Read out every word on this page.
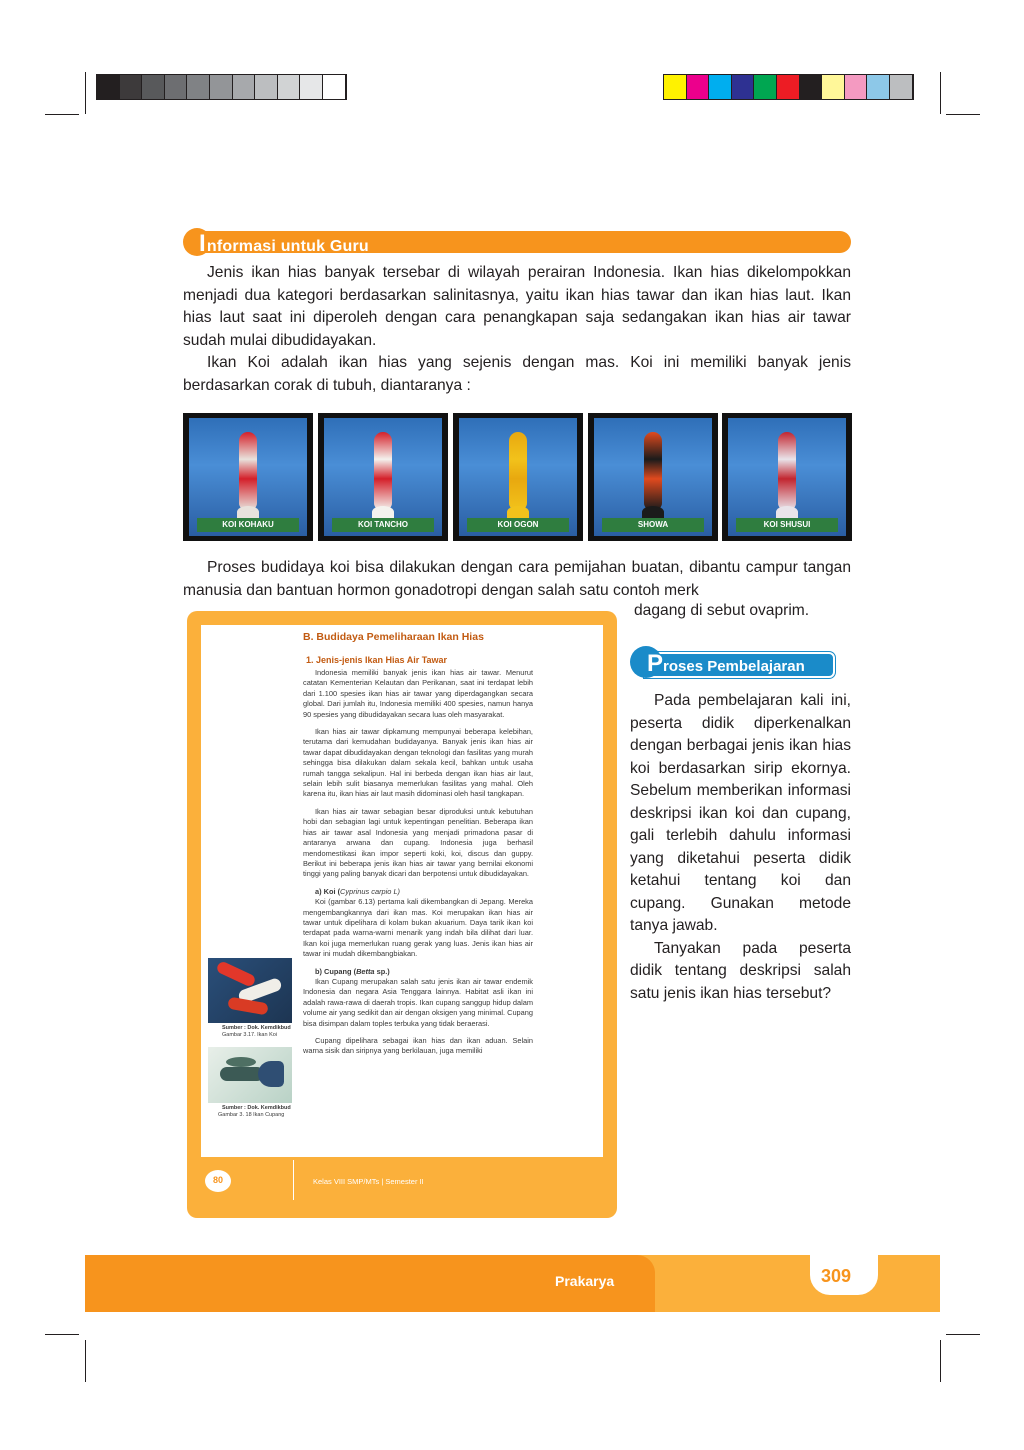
Informasi untuk Guru

Jenis ikan hias banyak tersebar di wilayah perairan Indonesia. Ikan hias dikelompokkan menjadi dua kategori berdasarkan salinitasnya, yaitu ikan hias tawar dan ikan hias laut. Ikan hias laut saat ini diperoleh dengan cara penangkapan saja sedangakan ikan hias air tawar sudah mulai dibudidayakan.

Ikan Koi adalah ikan hias yang sejenis dengan mas. Koi ini memiliki banyak jenis berdasarkan corak di tubuh, diantaranya :

KOI KOHAKU	KOI TANCHO	KOI OGON	SHOWA	KOI SHUSUI

Proses budidaya koi bisa dilakukan dengan cara pemijahan buatan, dibantu campur tangan manusia dan bantuan hormon gonadotropi dengan salah satu contoh merk

dagang di sebut ovaprim.
80	Kelas VIII SMP/MTs | Semester II
B. Budidaya Pemeliharaan Ikan Hias
1. Jenis-jenis Ikan Hias Air Tawar

Indonesia memiliki banyak jenis ikan hias air tawar. Menurut catatan Kementerian Kelautan dan Perikanan, saat ini terdapat lebih dari 1.100 spesies ikan hias air tawar yang diperdagangkan secara global. Dari jumlah itu, Indonesia memiliki 400 spesies, namun hanya 90 spesies yang dibudidayakan secara luas oleh masyarakat.

Ikan hias air tawar dipkamung mempunyai beberapa kelebihan, terutama dari kemudahan budidayanya. Banyak jenis ikan hias air tawar dapat dibudidayakan dengan teknologi dan fasilitas yang murah sehingga bisa dilakukan dalam sekala kecil, bahkan untuk usaha rumah tangga sekalipun. Hal ini berbeda dengan ikan hias air laut, selain lebih sulit biasanya memerlukan fasilitas yang mahal. Oleh karena itu, ikan hias air laut masih didominasi oleh hasil tangkapan.

Ikan hias air tawar sebagian besar diproduksi untuk kebutuhan hobi dan sebagian lagi untuk kepentingan penelitian. Beberapa ikan hias air tawar asal Indonesia yang menjadi primadona pasar di antaranya arwana dan cupang. Indonesia juga berhasil mendomestikasi ikan impor seperti koki, koi, discus dan guppy. Berikut ini beberapa jenis ikan hias air tawar yang bernilai ekonomi tinggi yang paling banyak dicari dan berpotensi untuk dibudidayakan.

a) Koi (Cyprinus carpio L)

Koi (gambar 6.13) pertama kali dikembangkan di Jepang. Mereka mengembangkannya dari ikan mas. Koi merupakan ikan hias air tawar untuk dipelihara di kolam bukan akuarium. Daya tarik ikan koi terdapat pada warna-warni menarik yang indah bila dilihat dari luar. Ikan koi juga memerlukan ruang gerak yang luas. Jenis ikan hias air tawar ini mudah dikembangbiakan.

b) Cupang (Betta sp.)

Ikan Cupang merupakan salah satu jenis ikan air tawar endemik Indonesia dan negara Asia Tenggara lainnya. Habitat asli ikan ini adalah rawa-rawa di daerah tropis. Ikan cupang sanggup hidup dalam volume air yang sedikit dan air dengan oksigen yang minimal. Cupang bisa disimpan dalam toples terbuka yang tidak beraerasi.

Cupang dipelihara sebagai ikan hias dan ikan aduan. Selain warna sisik dan siripnya yang berkilauan, juga memiliki

Sumber : Dok. Kemdikbud
Gambar 3.17. Ikan Koi
Sumber : Dok. Kemdikbud
Gambar 3. 18 Ikan Cupang
Proses Pembelajaran

Pada pembelajaran kali ini, peserta didik diperkenalkan dengan berbagai jenis ikan hias koi berdasarkan sirip ekornya. Sebelum memberikan informasi deskripsi ikan koi dan cupang, gali terlebih dahulu informasi yang diketahui peserta didik ketahui tentang koi dan cupang. Gunakan metode tanya jawab.

Tanyakan pada peserta didik tentang deskripsi salah satu jenis ikan hias tersebut?

Prakarya	309
